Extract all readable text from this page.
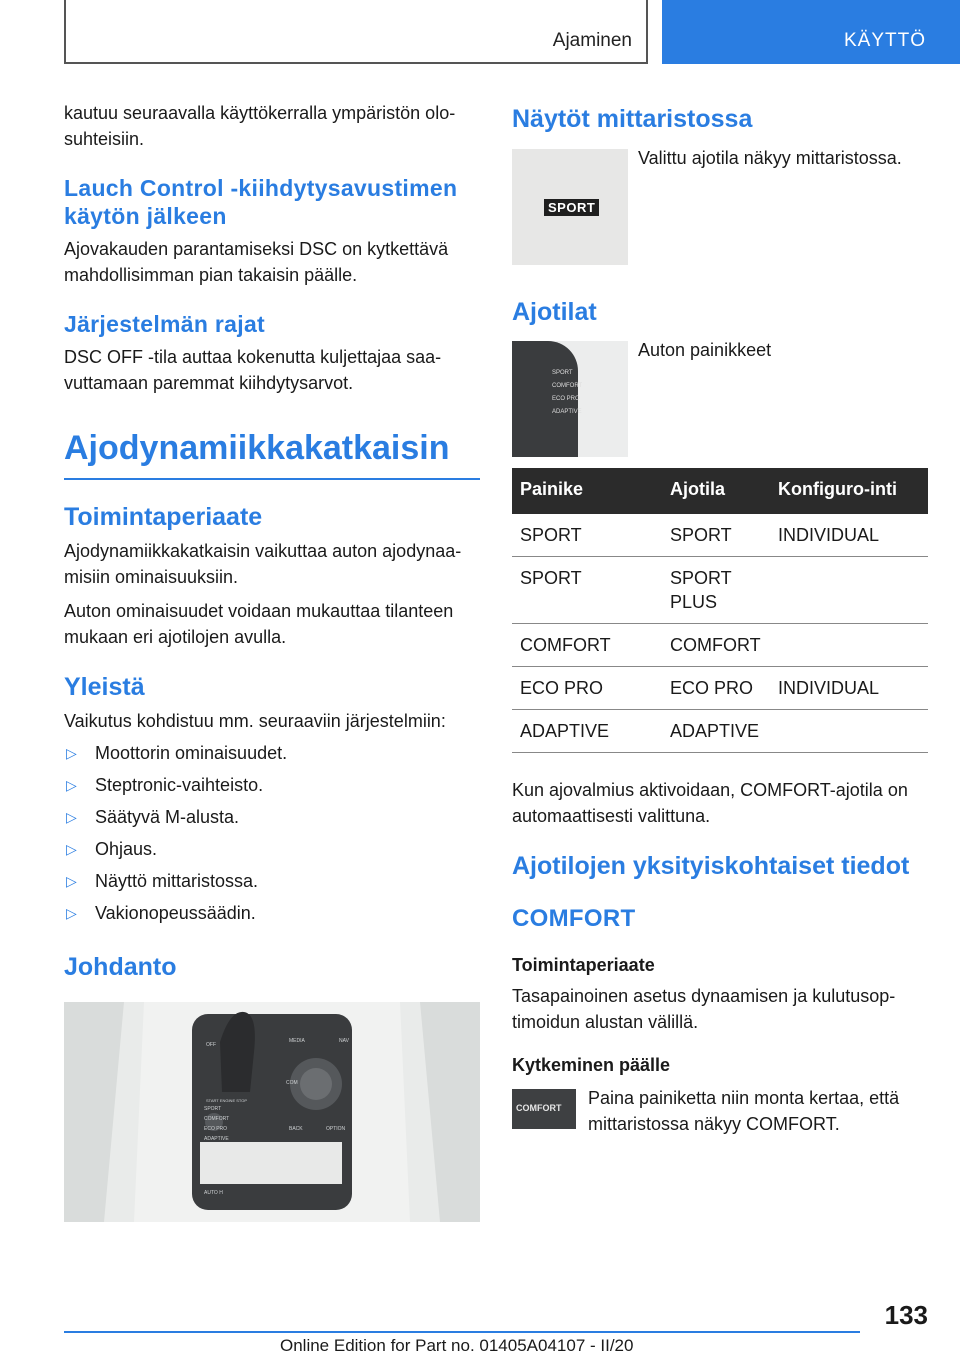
Ajaminen	KÄYTTÖ

kautuu seuraavalla käyttökerralla ympäristön olo-suhteisiin.

Lauch Control -kiihdytysavustimen käytön jälkeen

Ajovakauden parantamiseksi DSC on kytkettävä mahdollisimman pian takaisin päälle.

Järjestelmän rajat

DSC OFF -tila auttaa kokenutta kuljettajaa saa-vuttamaan paremmat kiihdytysarvot.

Ajodynamiikkakatkaisin
Toimintaperiaate

Ajodynamiikkakatkaisin vaikuttaa auton ajodynaa-misiin ominaisuuksiin.

Auton ominaisuudet voidaan mukauttaa tilanteen mukaan eri ajotilojen avulla.

Yleistä

Vaikutus kohdistuu mm. seuraaviin järjestelmiin:

▷	Moottorin ominaisuudet.
▷	Steptronic-vaihteisto.
▷	Säätyvä M-alusta.
▷	Ohjaus.
▷	Näyttö mittaristossa.
▷	Vakionopeussäädin.
Johdanto
MEDIA	NAV
BACK	OPTION
SPORT
COMFORT
ECO PRO
ADAPTIVE
AUTO H
OFF
START ENGINE STOP
COM
Näytöt mittaristossa
SPORT

Valittu ajotila näkyy mittaristossa.

Ajotilat
SPORT
COMFORT
ECO PRO
ADAPTIVE

Auton painikkeet

Painike	Ajotila	Konfiguro-inti
SPORT	SPORT	INDIVIDUAL
SPORT	SPORT PLUS	
COMFORT	COMFORT	
ECO PRO	ECO PRO	INDIVIDUAL
ADAPTIVE	ADAPTIVE	

Kun ajovalmius aktivoidaan, COMFORT-ajotila on automaattisesti valittuna.

Ajotilojen yksityiskohtaiset tiedot
COMFORT
Toimintaperiaate

Tasapainoinen asetus dynaamisen ja kulutusop-timoidun alustan välillä.

Kytkeminen päälle
COMFORT Paina painiketta niin monta kertaa, että mittaristossa näkyy COMFORT.

133
Online Edition for Part no. 01405A04107 - II/20
